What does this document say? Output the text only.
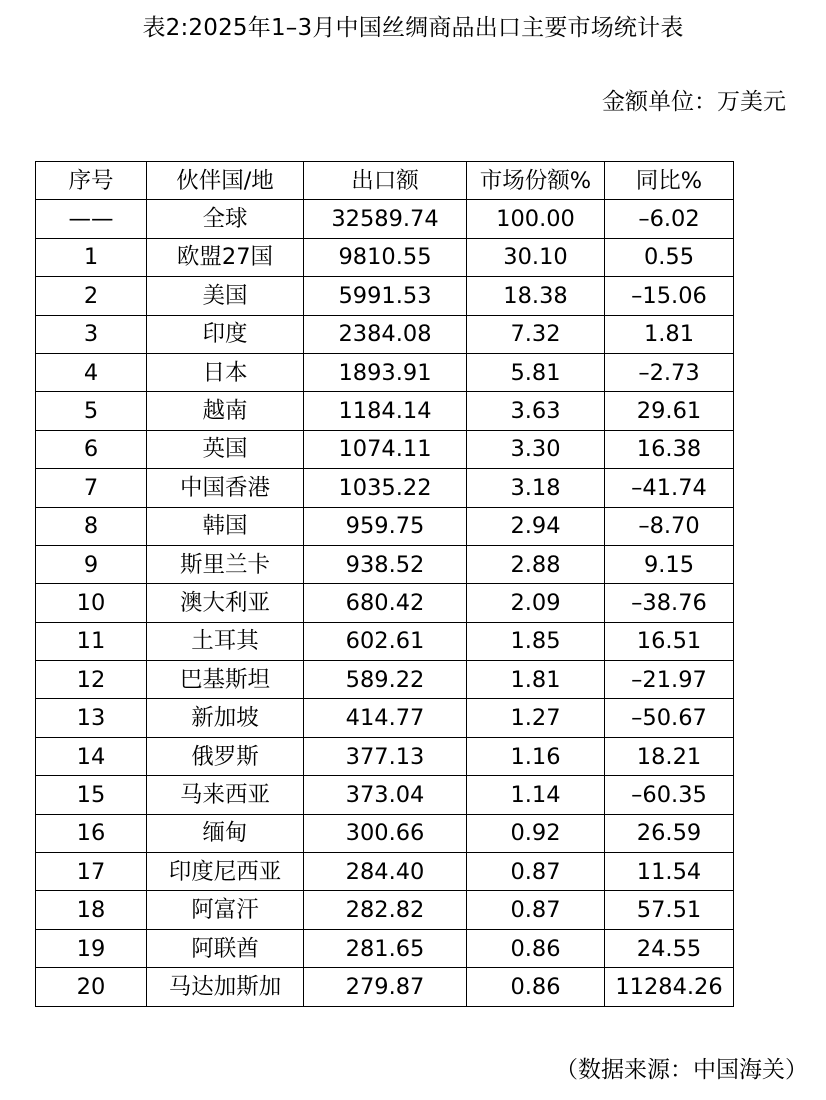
表2:2025年1–3月中国丝绸商品出口主要市场统计表
金额单位：万美元
序号	伙伴国/地	出口额	市场份额%	同比%
——	全球	32589.74	100.00	–6.02
1	欧盟27国	9810.55	30.10	0.55
2	美国	5991.53	18.38	–15.06
3	印度	2384.08	7.32	1.81
4	日本	1893.91	5.81	–2.73
5	越南	1184.14	3.63	29.61
6	英国	1074.11	3.30	16.38
7	中国香港	1035.22	3.18	–41.74
8	韩国	959.75	2.94	–8.70
9	斯里兰卡	938.52	2.88	9.15
10	澳大利亚	680.42	2.09	–38.76
11	土耳其	602.61	1.85	16.51
12	巴基斯坦	589.22	1.81	–21.97
13	新加坡	414.77	1.27	–50.67
14	俄罗斯	377.13	1.16	18.21
15	马来西亚	373.04	1.14	–60.35
16	缅甸	300.66	0.92	26.59
17	印度尼西亚	284.40	0.87	11.54
18	阿富汗	282.82	0.87	57.51
19	阿联酋	281.65	0.86	24.55
20	马达加斯加	279.87	0.86	11284.26
（数据来源：中国海关）
